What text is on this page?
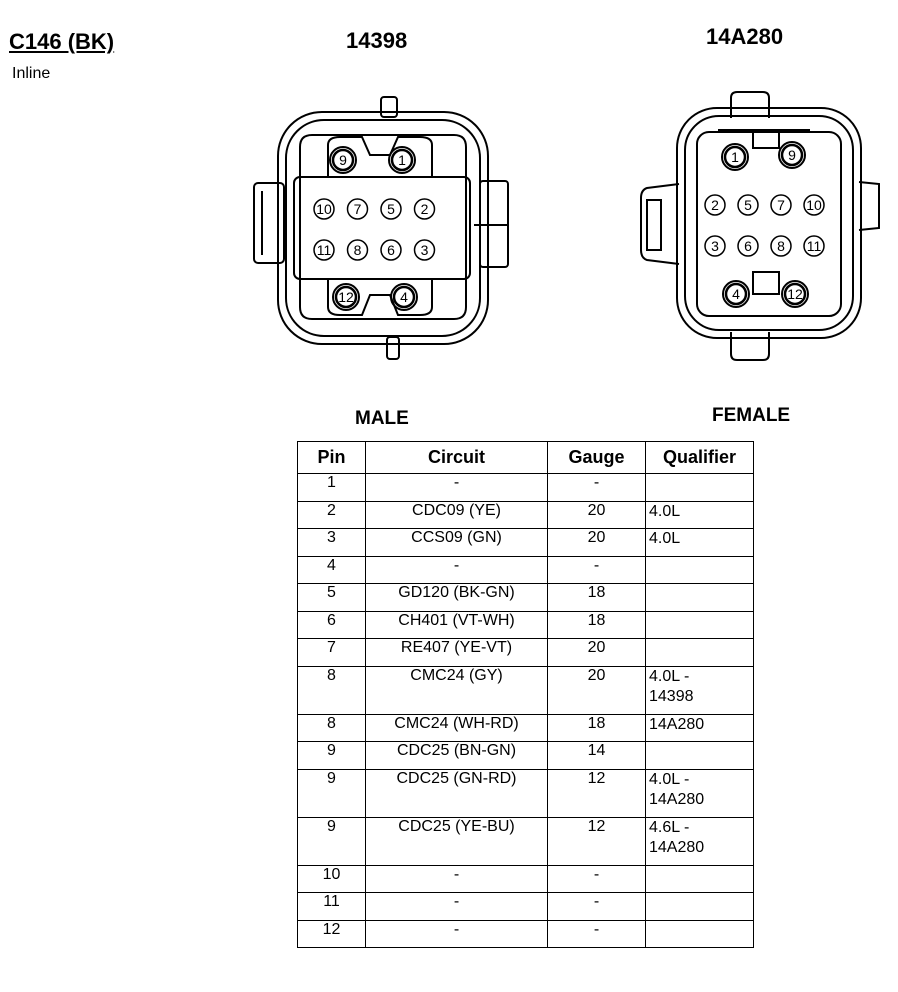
C146 (BK)
Inline
14398	14A280
MALE	FEMALE
9	1
10 7 5 2
11 8 6 3
12	4
1	9
2 5 7 10
3 6 8 11
4	12
Pin	Circuit	Gauge	Qualifier
1	-	-	
2	CDC09 (YE)	20	4.0L
3	CCS09 (GN)	20	4.0L
4	-	-	
5	GD120 (BK-GN)	18	
6	CH401 (VT-WH)	18	
7	RE407 (YE-VT)	20	
8	CMC24 (GY)	20	4.0L -
14398
8	CMC24 (WH-RD)	18	14A280
9	CDC25 (BN-GN)	14	
9	CDC25 (GN-RD)	12	4.0L -
14A280
9	CDC25 (YE-BU)	12	4.6L -
14A280
10	-	-	
11	-	-	
12	-	-	
